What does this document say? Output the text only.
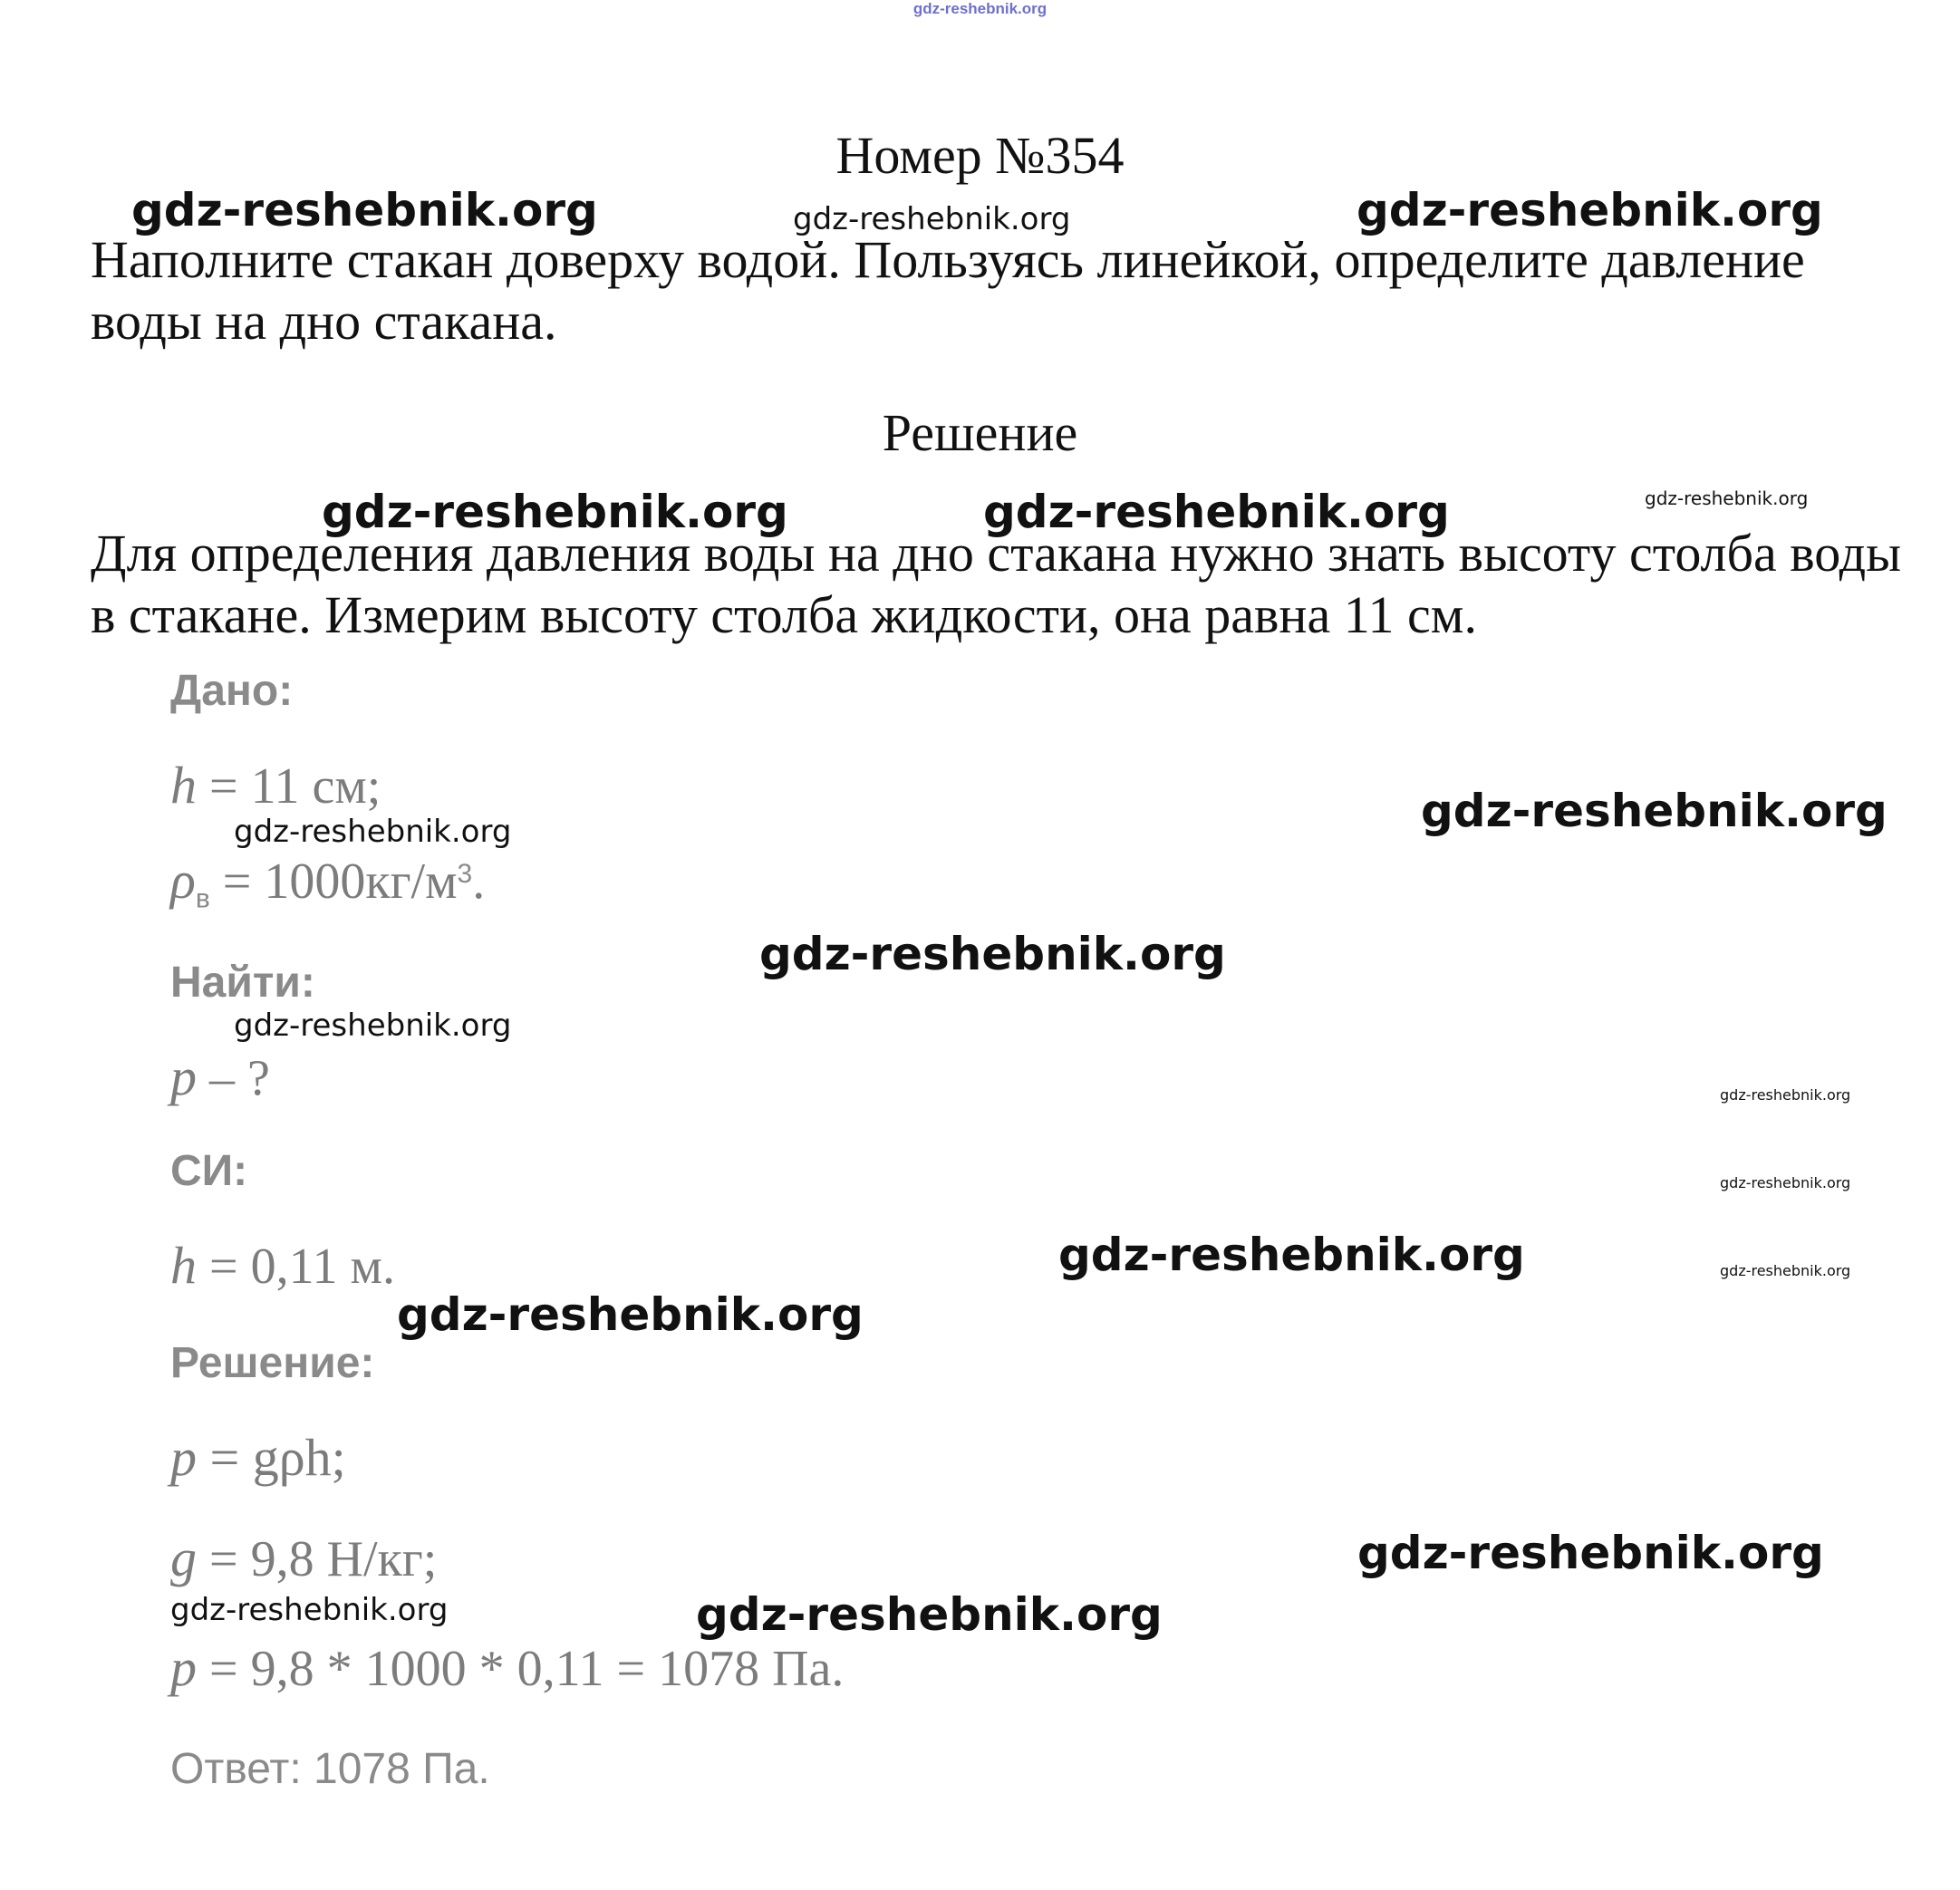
gdz-reshebnik.org
Номер №354
Наполните стакан доверху водой. Пользуясь линейкой, определите давление воды на дно стакана.
Решение
Для определения давления воды на дно стакана нужно знать высоту столба воды в стакане. Измерим высоту столба жидкости, она равна 11 см.
Дано:
h = 11 см;
$\rho_в = 1000кг/м^3$.
Найти:
p – ?
СИ:
h = 0,11 м.
Решение:
p = gρh;
g = 9,8 Н/кг;
p = 9,8 * 1000 * 0,11 = 1078 Па.
Ответ: 1078 Па.
gdz-reshebnik.org	gdz-reshebnik.org	gdz-reshebnik.org
gdz-reshebnik.org	gdz-reshebnik.org	gdz-reshebnik.org
gdz-reshebnik.org
gdz-reshebnik.org
gdz-reshebnik.org
gdz-reshebnik.org
gdz-reshebnik.org
gdz-reshebnik.org
gdz-reshebnik.org
gdz-reshebnik.org
gdz-reshebnik.org
gdz-reshebnik.org
gdz-reshebnik.org	gdz-reshebnik.org
